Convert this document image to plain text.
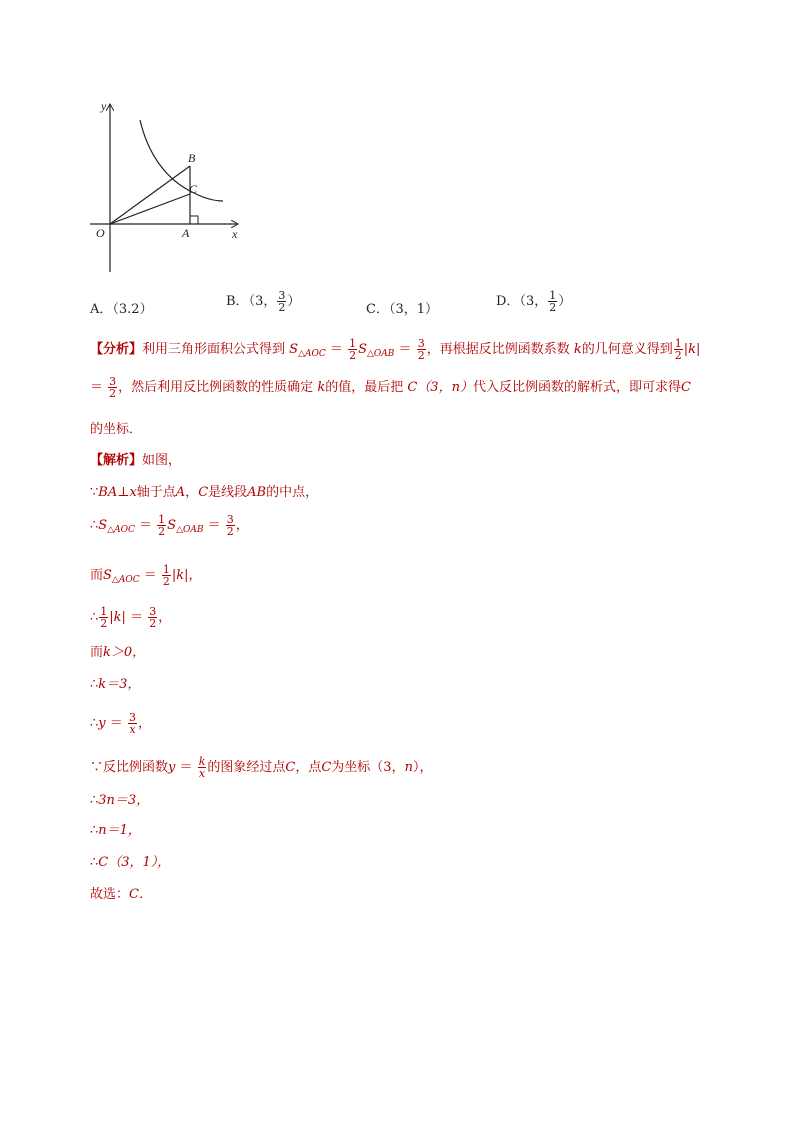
y
x
O	A
B
C
A．（3.2）
B．（3， $\frac{3}{2}$ ）
C．（3，1）
D．（3， $\frac{1}{2}$ ）
【分析】利用三角形面积公式得到 $S_{\triangle AOC} = \frac{1}{2} S_{\triangle OAB} = \frac{3}{2}$ ，再根据反比例函数系数 k的几何意义得到 $\frac{1}{2} |k|$
＝ $\frac{3}{2}$ ，然后利用反比例函数的性质确定 k的值，最后把 C（3，n）代入反比例函数的解析式，即可求得C
的坐标．
【解析】如图，
∵BA⊥x轴于点A，C是线段AB的中点，
$\therefore S_{\triangle AOC} = \frac{1}{2} S_{\triangle OAB} = \frac{3}{2}$ ，
而$S_{\triangle AOC} = \frac{1}{2} |k|$，
∴ $\frac{1}{2} |k| = \frac{3}{2}$ ，
而k＞0，
∴k＝3，
∴y ＝ $\frac{3}{x}$ ，
∵反比例函数$y = \frac{k}{x}$ 的图象经过点C，点C为坐标（3，n），
∴3n＝3，
∴n＝1，
∴C（3，1），
故选：C．
